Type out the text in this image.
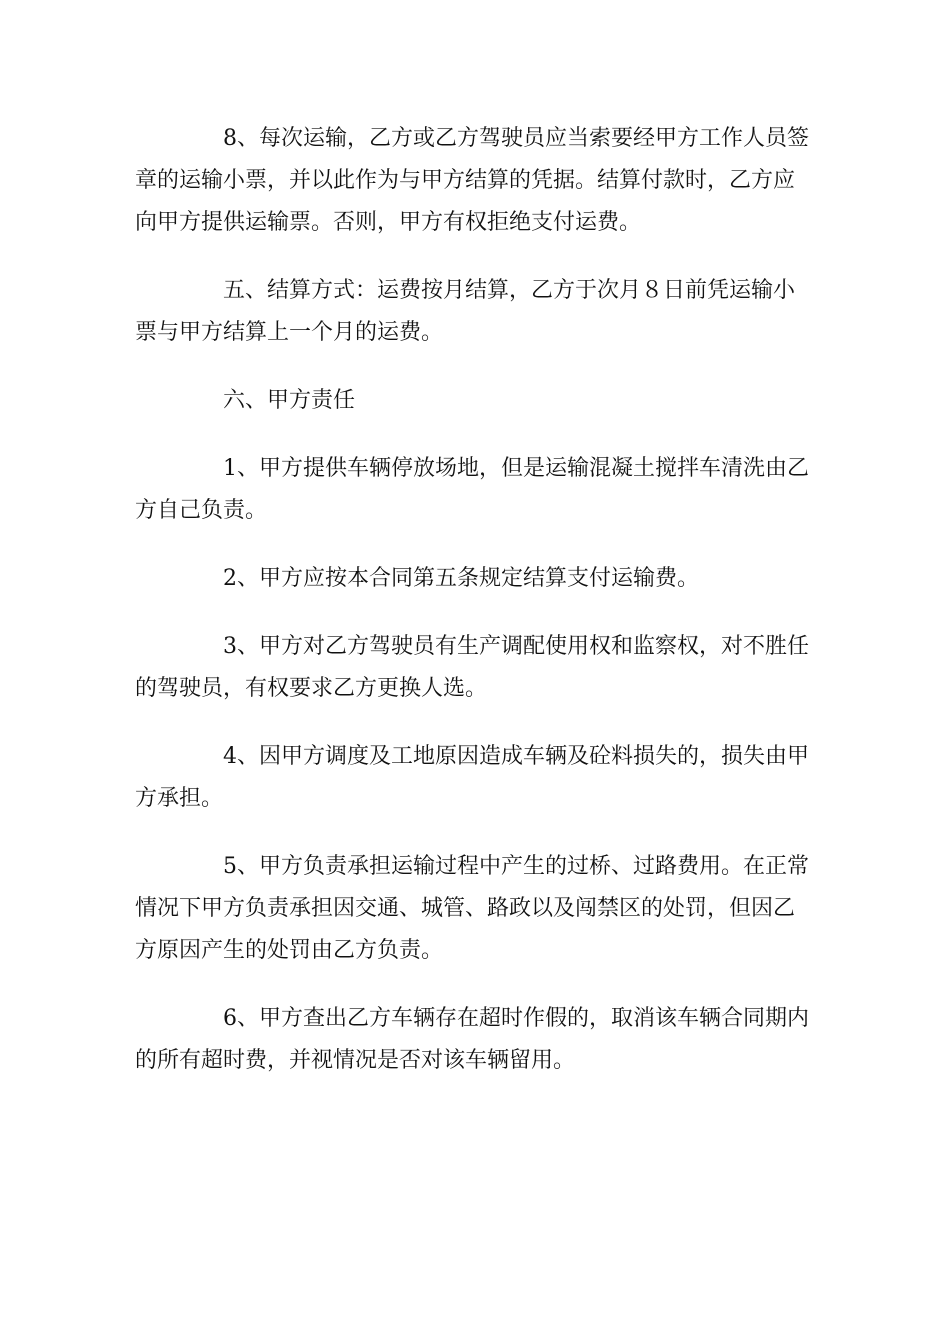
8、每次运输，乙方或乙方驾驶员应当索要经甲方工作人员签
章的运输小票，并以此作为与甲方结算的凭据。结算付款时，乙方应
向甲方提供运输票。否则，甲方有权拒绝支付运费。
五、结算方式：运费按月结算，乙方于次月８日前凭运输小
票与甲方结算上一个月的运费。
六、甲方责任
1、甲方提供车辆停放场地，但是运输混凝土搅拌车清洗由乙
方自己负责。
2、甲方应按本合同第五条规定结算支付运输费。
3、甲方对乙方驾驶员有生产调配使用权和监察权，对不胜任
的驾驶员，有权要求乙方更换人选。
4、因甲方调度及工地原因造成车辆及砼料损失的，损失由甲
方承担。
5、甲方负责承担运输过程中产生的过桥、过路费用。在正常
情况下甲方负责承担因交通、城管、路政以及闯禁区的处罚，但因乙
方原因产生的处罚由乙方负责。
6、甲方查出乙方车辆存在超时作假的，取消该车辆合同期内
的所有超时费，并视情况是否对该车辆留用。
